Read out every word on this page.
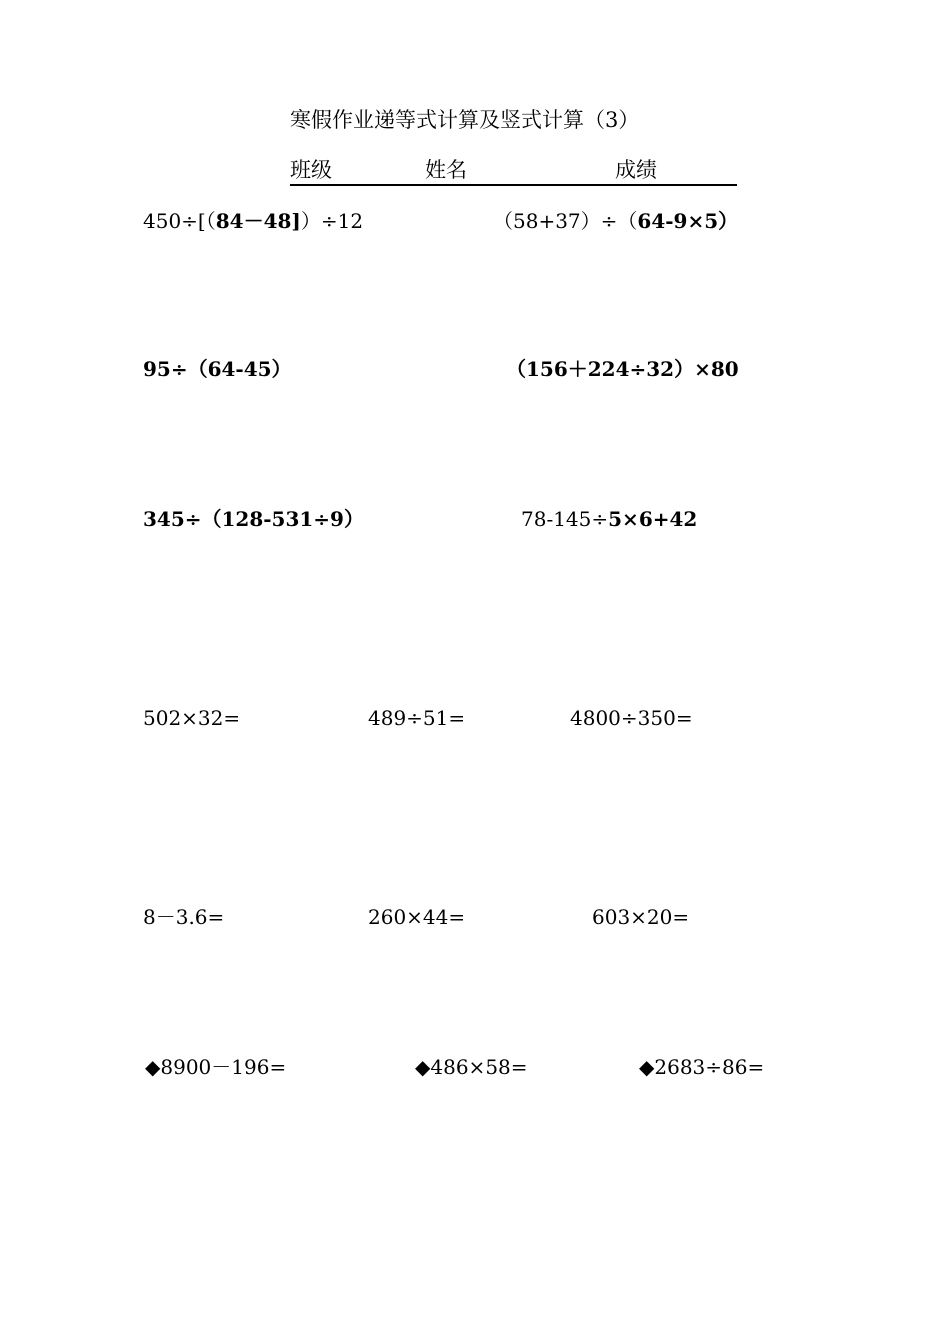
寒假作业递等式计算及竖式计算（3）
班级	姓名	成绩
450÷[（84－48]）÷12	（58+37）÷（64-9×5）
95÷（64-45）	（156＋224÷32）×80
345÷（128-531÷9）	78-145÷5×6+42
502×32=	489÷51=	4800÷350=
8－3.6=	260×44=	603×20=
◆8900－196=	◆486×58=	◆2683÷86=
